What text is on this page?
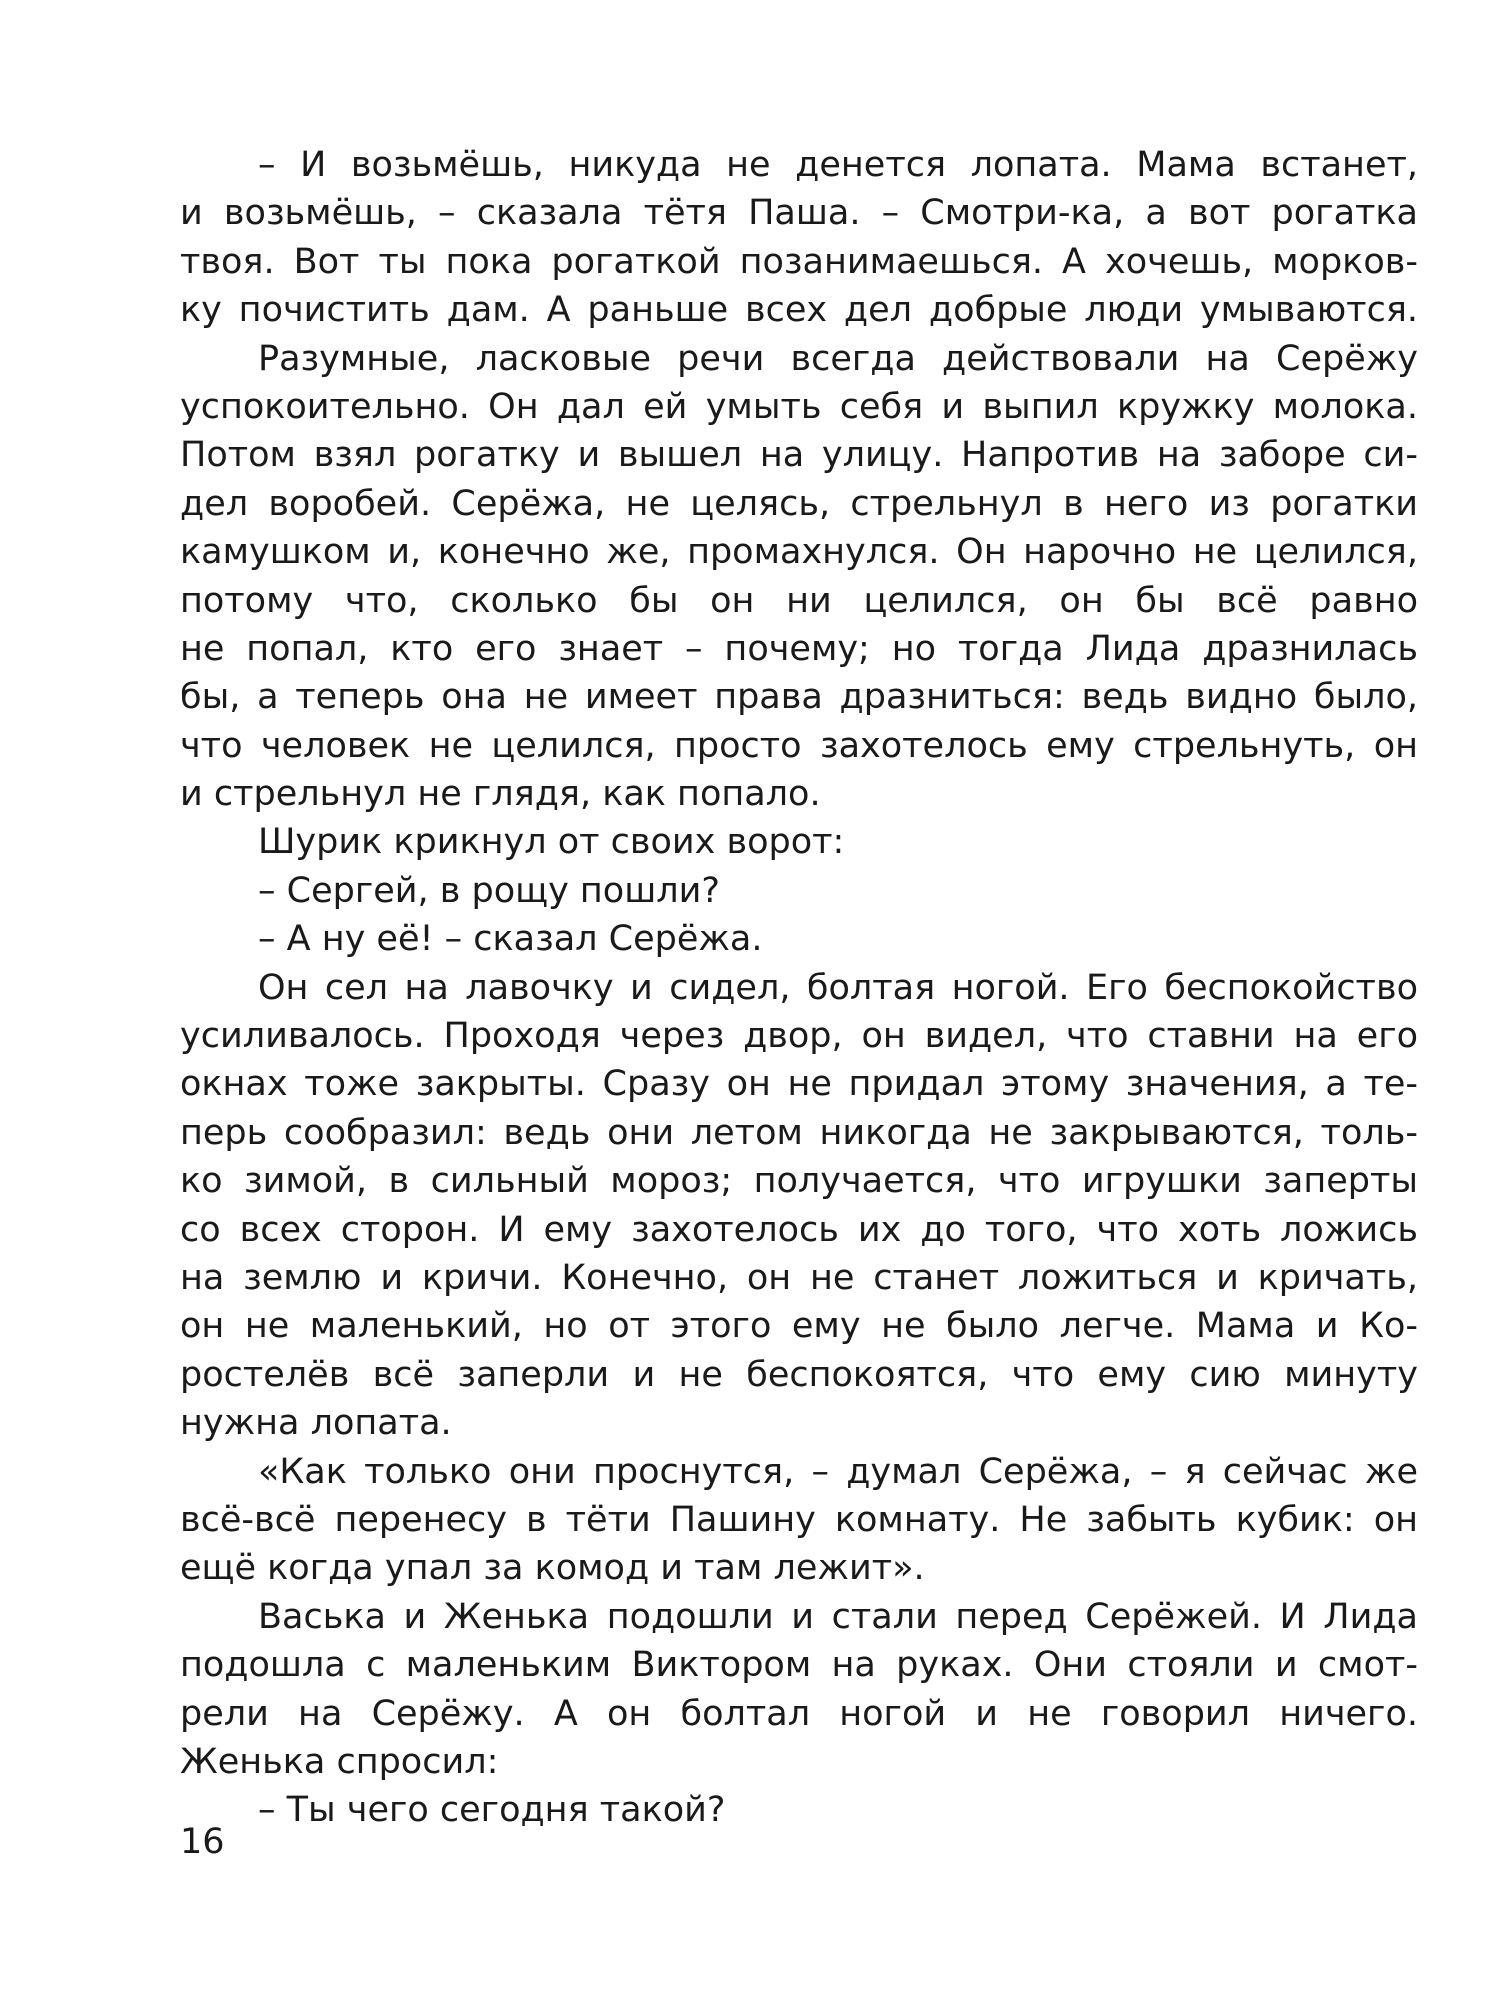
– И возьмёшь, никуда не денется лопата. Мама встанет,
и возьмёшь, – сказала тётя Паша. – Смотри-ка, а вот рогатка
твоя. Вот ты пока рогаткой позанимаешься. А хочешь, морков-
ку почистить дам. А раньше всех дел добрые люди умываются.
Разумные, ласковые речи всегда действовали на Серёжу
успокоительно. Он дал ей умыть себя и выпил кружку молока.
Потом взял рогатку и вышел на улицу. Напротив на заборе си-
дел воробей. Серёжа, не целясь, стрельнул в него из рогатки
камушком и, конечно же, промахнулся. Он нарочно не целился,
потому что, сколько бы он ни целился, он бы всё равно
не попал, кто его знает – почему; но тогда Лида дразнилась
бы, а теперь она не имеет права дразниться: ведь видно было,
что человек не целился, просто захотелось ему стрельнуть, он
и стрельнул не глядя, как попало.
Шурик крикнул от своих ворот:
– Сергей, в рощу пошли?
– А ну её! – сказал Серёжа.
Он сел на лавочку и сидел, болтая ногой. Его беспокойство
усиливалось. Проходя через двор, он видел, что ставни на его
окнах тоже закрыты. Сразу он не придал этому значения, а те-
перь сообразил: ведь они летом никогда не закрываются, толь-
ко зимой, в сильный мороз; получается, что игрушки заперты
со всех сторон. И ему захотелось их до того, что хоть ложись
на землю и кричи. Конечно, он не станет ложиться и кричать,
он не маленький, но от этого ему не было легче. Мама и Ко-
ростелёв всё заперли и не беспокоятся, что ему сию минуту
нужна лопата.
«Как только они проснутся, – думал Серёжа, – я сейчас же
всё-всё перенесу в тёти Пашину комнату. Не забыть кубик: он
ещё когда упал за комод и там лежит».
Васька и Женька подошли и стали перед Серёжей. И Лида
подошла с маленьким Виктором на руках. Они стояли и смот-
рели на Серёжу. А он болтал ногой и не говорил ничего.
Женька спросил:
– Ты чего сегодня такой?
16
